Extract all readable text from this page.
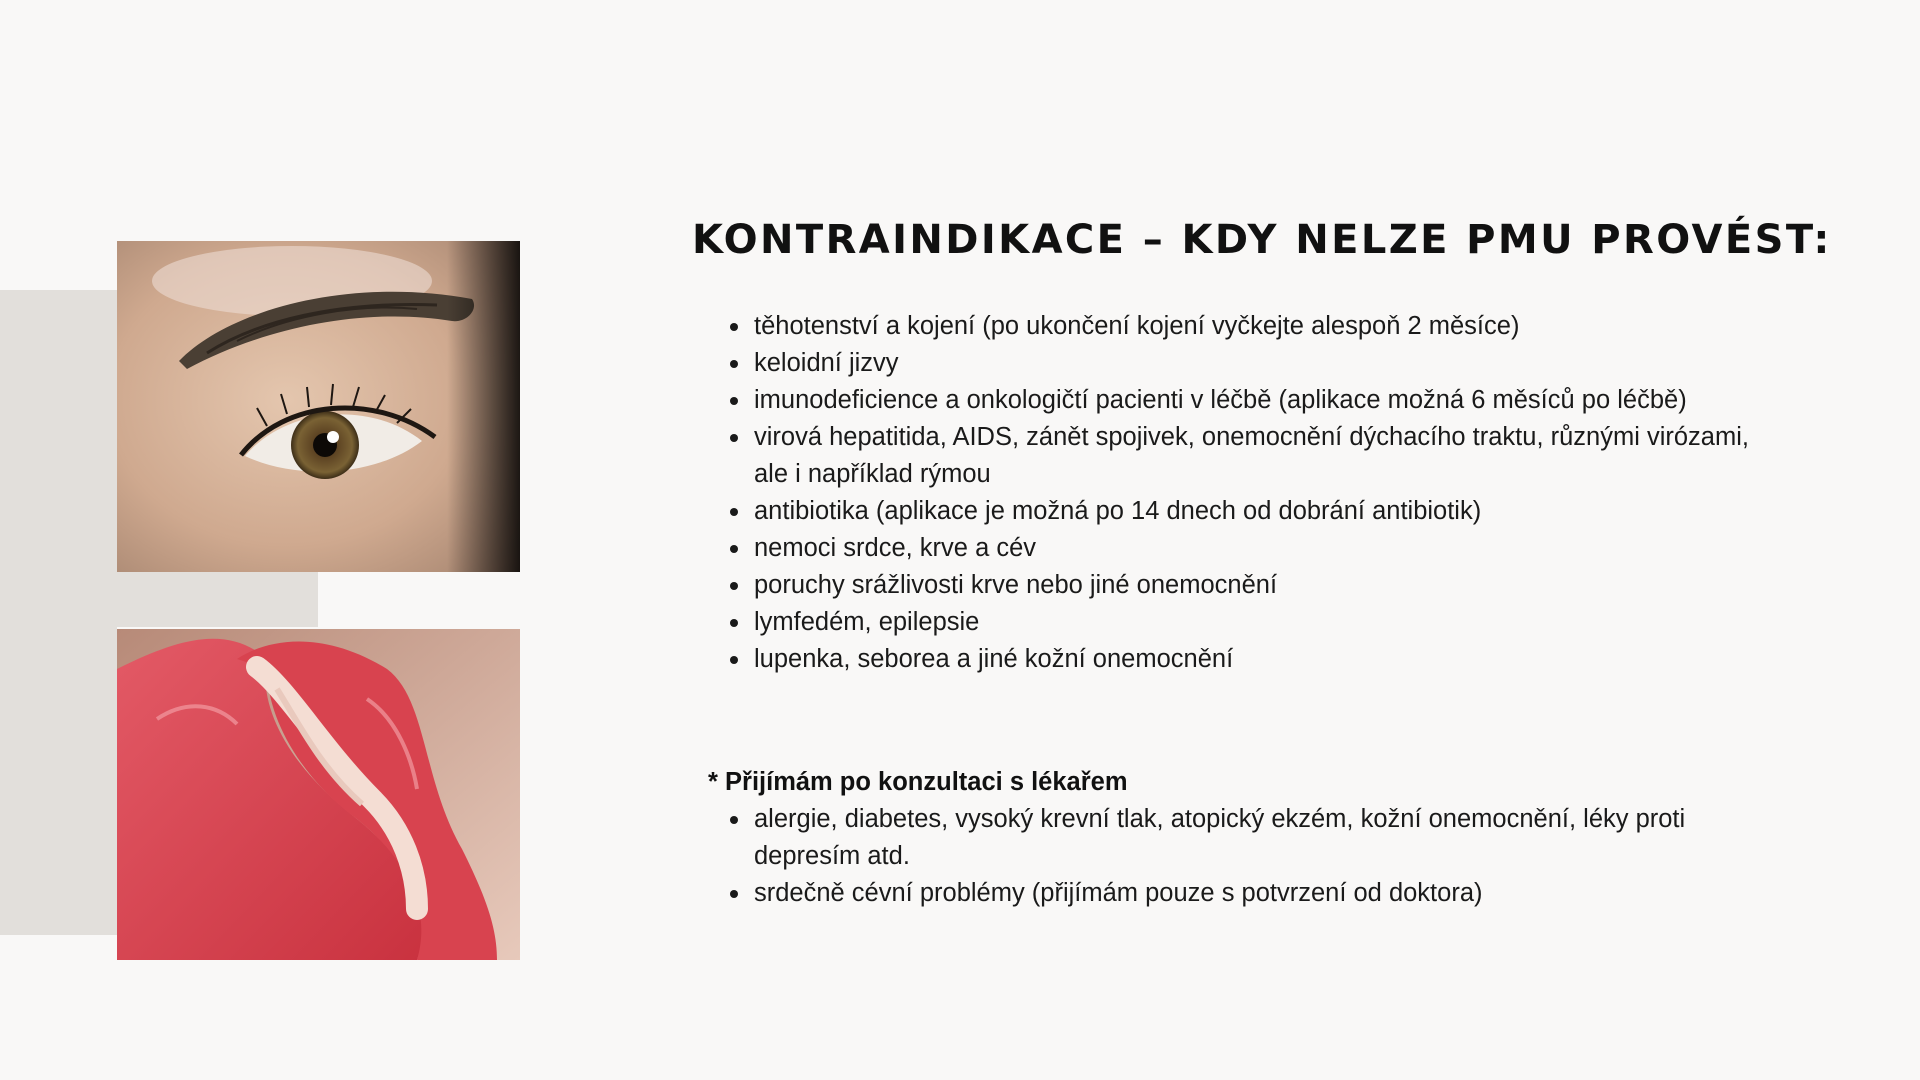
KONTRAINDIKACE – KDY NELZE PMU PROVÉST:
těhotenství a kojení (po ukončení kojení vyčkejte alespoň 2 měsíce)
keloidní jizvy
imunodeficience a onkologičtí pacienti v léčbě (aplikace možná 6 měsíců po léčbě)
virová hepatitida, AIDS, zánět spojivek, onemocnění dýchacího traktu, různými virózami, ale i například rýmou
antibiotika (aplikace je možná po 14 dnech od dobrání antibiotik)
nemoci srdce, krve a cév
poruchy srážlivosti krve nebo jiné onemocnění
lymfedém, epilepsie
lupenka, seborea a jiné kožní onemocnění

* Přijímám po konzultaci s lékařem

alergie, diabetes, vysoký krevní tlak, atopický ekzém, kožní onemocnění, léky proti depresím atd.
srdečně cévní problémy (přijímám pouze s potvrzení od doktora)
